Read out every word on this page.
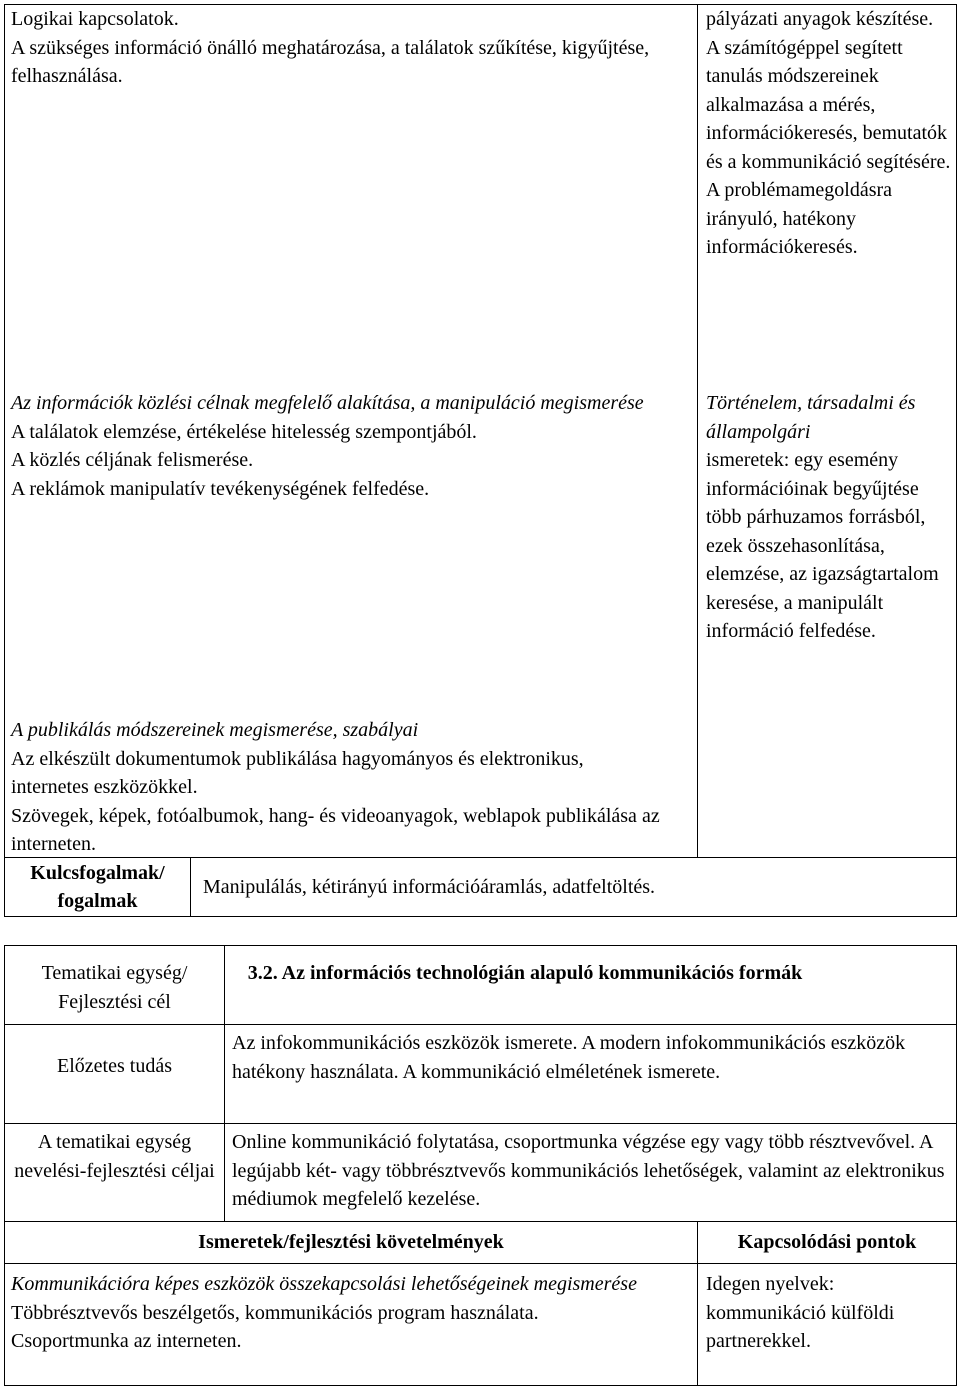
Logikai kapcsolatok.

A szükséges információ önálló meghatározása, a találatok szűkítése, kigyűjtése, felhasználása.

Az információk közlési célnak megfelelő alakítása, a manipuláció megismerése

A találatok elemzése, értékelése hitelesség szempontjából.

A közlés céljának felismerése.

A reklámok manipulatív tevékenységének felfedése.

A publikálás módszereinek megismerése, szabályai

Az elkészült dokumentumok publikálása hagyományos és elektronikus, internetes eszközökkel.

Szövegek, képek, fotóalbumok, hang- és videoanyagok, weblapok publikálása az interneten.

pályázati anyagok készítése.

A számítógéppel segített tanulás módszereinek alkalmazása a mérés, információkeresés, bemutatók és a kommunikáció segítésére.

A problémamegoldásra irányuló, hatékony információkeresés.

Történelem, társadalmi és állampolgári

ismeretek: egy esemény információinak begyűjtése több párhuzamos forrásból, ezek összehasonlítása, elemzése, az igazságtartalom keresése, a manipulált információ felfedése.

Kulcsfogalmak/ fogalmak
Manipulálás, kétirányú információáramlás, adatfeltöltés.
Tematikai egység/ Fejlesztési cél
3.2. Az információs technológián alapuló kommunikációs formák
Előzetes tudás
Az infokommunikációs eszközök ismerete. A modern infokommunikációs eszközök hatékony használata. A kommunikáció elméletének ismerete.
A tematikai egység nevelési-fejlesztési céljai
Online kommunikáció folytatása, csoportmunka végzése egy vagy több résztvevővel. A legújabb két- vagy többrésztvevős kommunikációs lehetőségek, valamint az elektronikus médiumok megfelelő kezelése.
Ismeretek/fejlesztési követelmények	Kapcsolódási pontok

Kommunikációra képes eszközök összekapcsolási lehetőségeinek megismerése

Többrésztvevős beszélgetős, kommunikációs program használata.

Csoportmunka az interneten.

Idegen nyelvek: kommunikáció külföldi partnerekkel.
